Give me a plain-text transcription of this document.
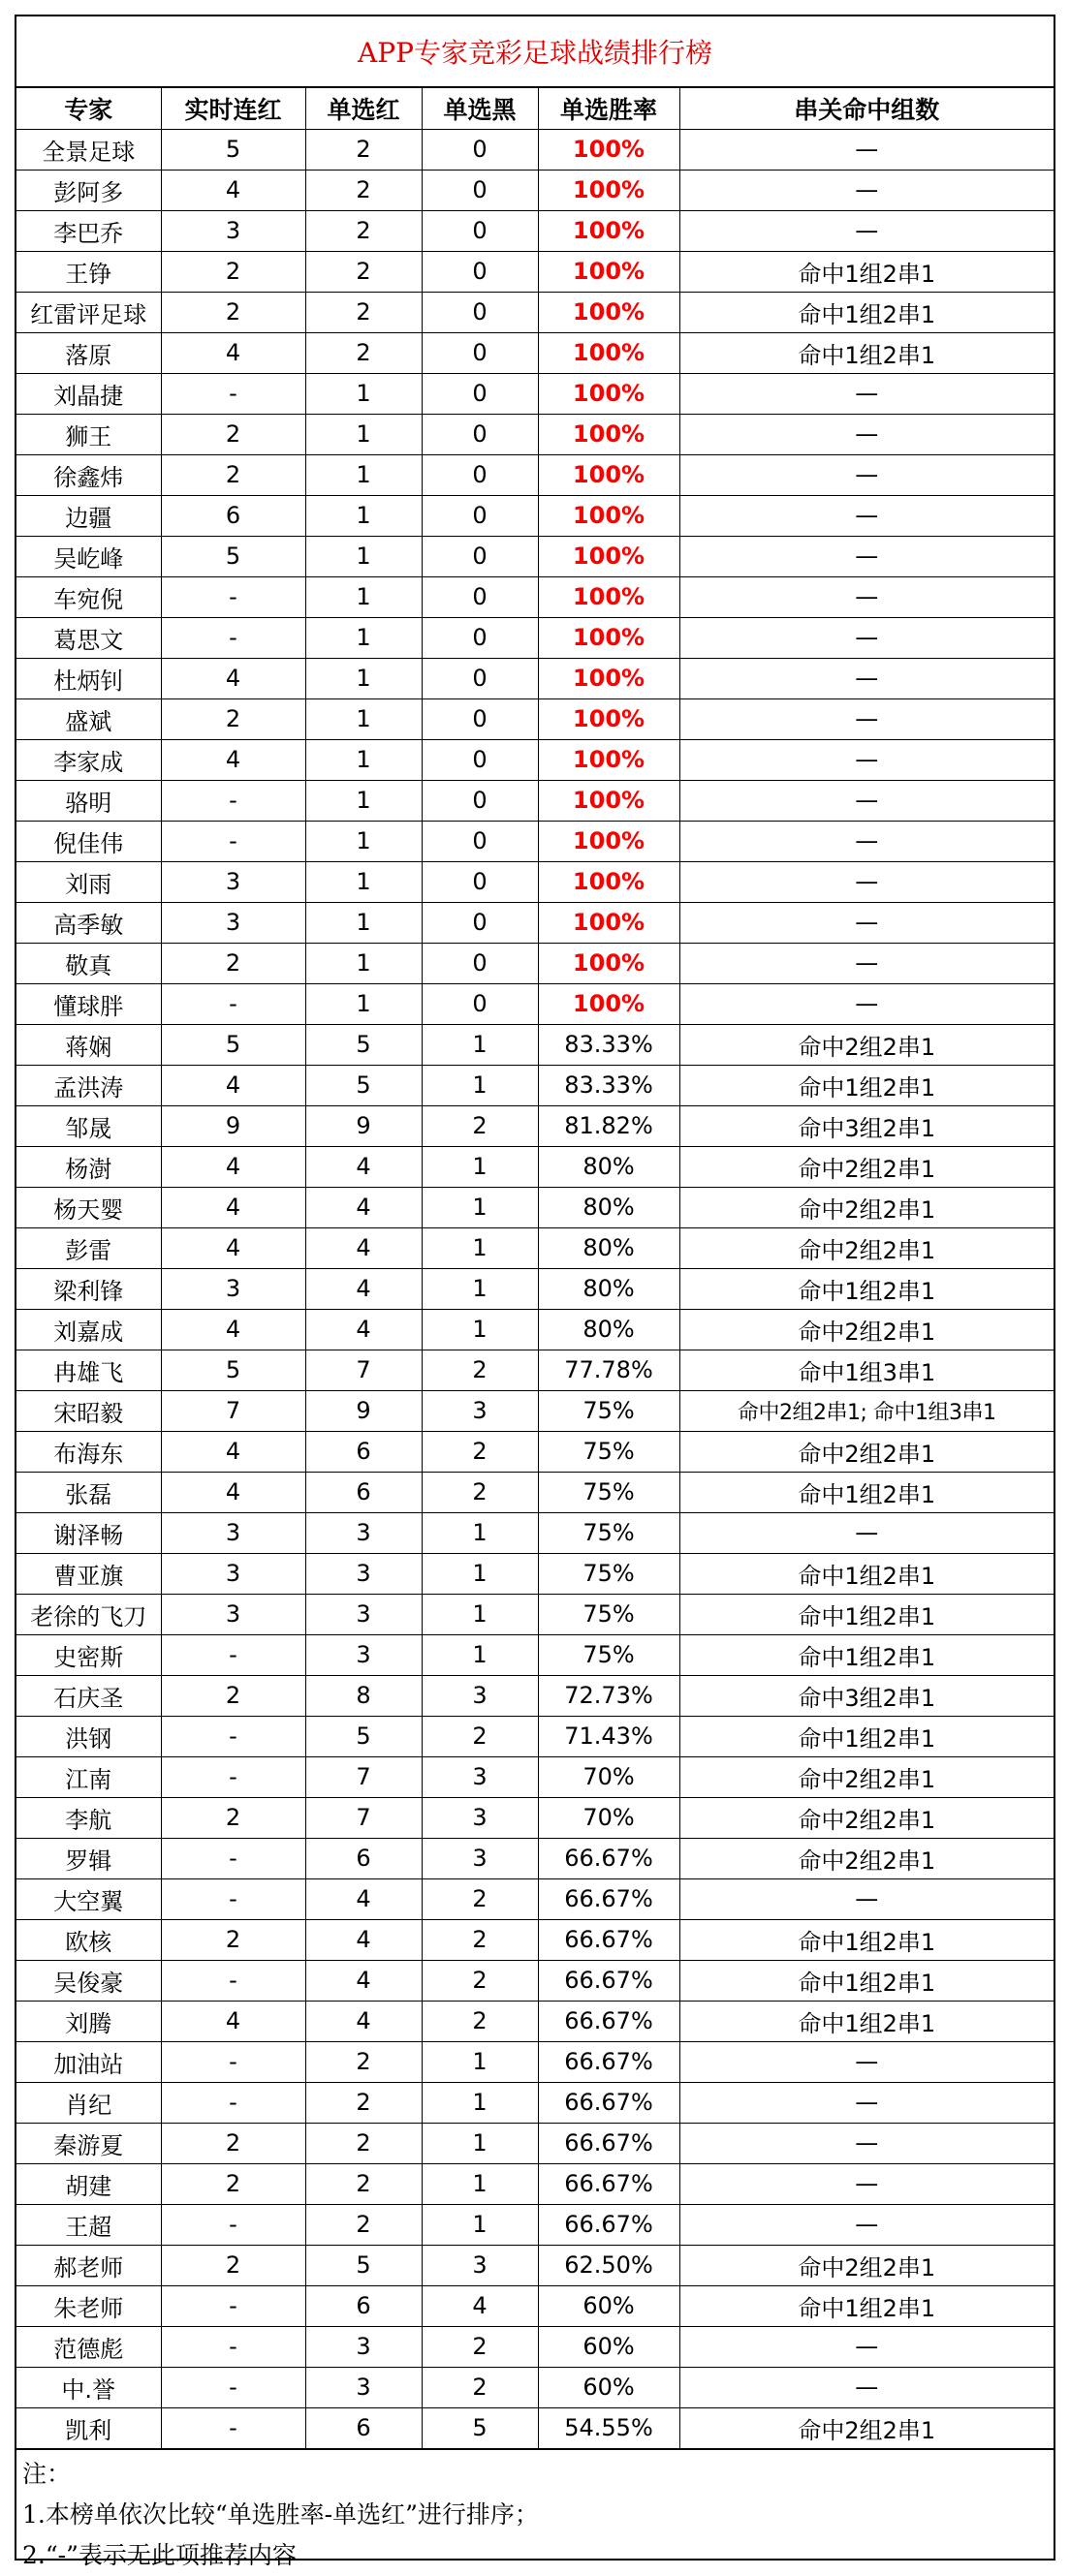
APP专家竞彩足球战绩排行榜
专家	实时连红	单选红	单选黑	单选胜率	串关命中组数
全景足球	5	2	0	100%	—
彭阿多	4	2	0	100%	—
李巴乔	3	2	0	100%	—
王铮	2	2	0	100%	命中1组2串1
红雷评足球	2	2	0	100%	命中1组2串1
落原	4	2	0	100%	命中1组2串1
刘晶捷	-	1	0	100%	—
狮王	2	1	0	100%	—
徐鑫炜	2	1	0	100%	—
边疆	6	1	0	100%	—
吴屹峰	5	1	0	100%	—
车宛倪	-	1	0	100%	—
葛思文	-	1	0	100%	—
杜炳钊	4	1	0	100%	—
盛斌	2	1	0	100%	—
李家成	4	1	0	100%	—
骆明	-	1	0	100%	—
倪佳伟	-	1	0	100%	—
刘雨	3	1	0	100%	—
高季敏	3	1	0	100%	—
敬真	2	1	0	100%	—
懂球胖	-	1	0	100%	—
蒋娴	5	5	1	83.33%	命中2组2串1
孟洪涛	4	5	1	83.33%	命中1组2串1
邹晟	9	9	2	81.82%	命中3组2串1
杨澍	4	4	1	80%	命中2组2串1
杨天婴	4	4	1	80%	命中2组2串1
彭雷	4	4	1	80%	命中2组2串1
梁利锋	3	4	1	80%	命中1组2串1
刘嘉成	4	4	1	80%	命中2组2串1
冉雄飞	5	7	2	77.78%	命中1组3串1
宋昭毅	7	9	3	75%	命中2组2串1; 命中1组3串1
布海东	4	6	2	75%	命中2组2串1
张磊	4	6	2	75%	命中1组2串1
谢泽畅	3	3	1	75%	—
曹亚旗	3	3	1	75%	命中1组2串1
老徐的飞刀	3	3	1	75%	命中1组2串1
史密斯	-	3	1	75%	命中1组2串1
石庆圣	2	8	3	72.73%	命中3组2串1
洪钢	-	5	2	71.43%	命中1组2串1
江南	-	7	3	70%	命中2组2串1
李航	2	7	3	70%	命中2组2串1
罗辑	-	6	3	66.67%	命中2组2串1
大空翼	-	4	2	66.67%	—
欧核	2	4	2	66.67%	命中1组2串1
吴俊豪	-	4	2	66.67%	命中1组2串1
刘腾	4	4	2	66.67%	命中1组2串1
加油站	-	2	1	66.67%	—
肖纪	-	2	1	66.67%	—
秦游夏	2	2	1	66.67%	—
胡建	2	2	1	66.67%	—
王超	-	2	1	66.67%	—
郝老师	2	5	3	62.50%	命中2组2串1
朱老师	-	6	4	60%	命中1组2串1
范德彪	-	3	2	60%	—
中.誉	-	3	2	60%	—
凯利	-	6	5	54.55%	命中2组2串1
注：
1.本榜单依次比较“单选胜率-单选红”进行排序；
2.“-”表示无此项推荐内容
